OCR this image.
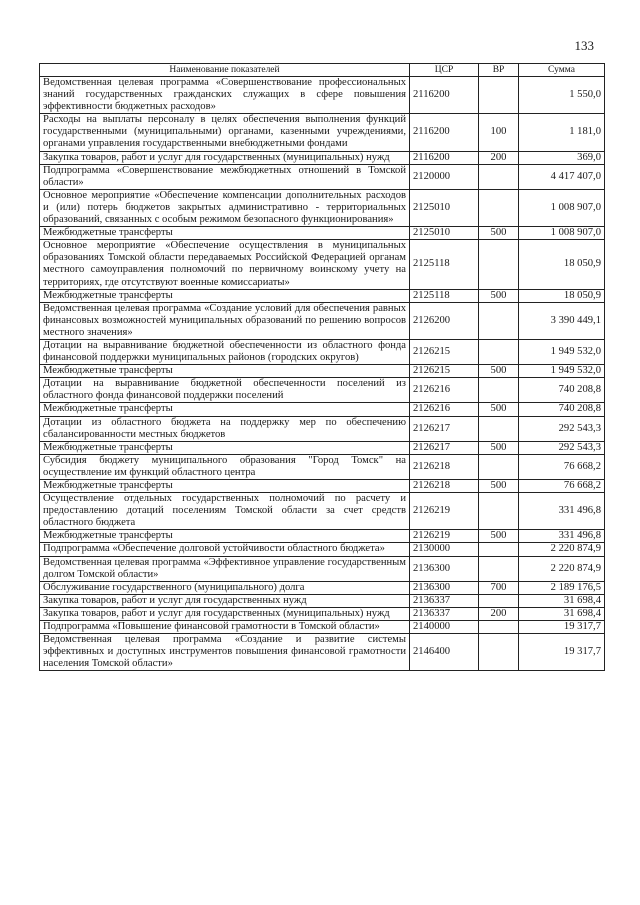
133
Наименование показателей	ЦСР	ВР	Сумма
Ведомственная целевая программа «Совершенствование профессиональных знаний государственных гражданских служащих в сфере повышения эффективности бюджетных расходов»	2116200		1 550,0
Расходы на выплаты персоналу в целях обеспечения выполнения функций государственными (муниципальными) органами, казенными учреждениями, органами управления государственными внебюджетными фондами	2116200	100	1 181,0
Закупка товаров, работ и услуг для государственных (муниципальных) нужд	2116200	200	369,0
Подпрограмма «Совершенствование межбюджетных отношений в Томской области»	2120000		4 417 407,0
Основное мероприятие «Обеспечение компенсации дополнительных расходов и (или) потерь бюджетов закрытых административно - территориальных образований, связанных с особым режимом безопасного функционирования»	2125010		1 008 907,0
Межбюджетные трансферты	2125010	500	1 008 907,0
Основное мероприятие «Обеспечение осуществления в муниципальных образованиях Томской области передаваемых Российской Федерацией органам местного самоуправления полномочий по первичному воинскому учету на территориях, где отсутствуют военные комиссариаты»	2125118		18 050,9
Межбюджетные трансферты	2125118	500	18 050,9
Ведомственная целевая программа «Создание условий для обеспечения равных финансовых возможностей муниципальных образований по решению вопросов местного значения»	2126200		3 390 449,1
Дотации на выравнивание бюджетной обеспеченности из областного фонда финансовой поддержки муниципальных районов (городских округов)	2126215		1 949 532,0
Межбюджетные трансферты	2126215	500	1 949 532,0
Дотации на выравнивание бюджетной обеспеченности поселений из областного фонда финансовой поддержки поселений	2126216		740 208,8
Межбюджетные трансферты	2126216	500	740 208,8
Дотации из областного бюджета на поддержку мер по обеспечению сбалансированности местных бюджетов	2126217		292 543,3
Межбюджетные трансферты	2126217	500	292 543,3
Субсидия бюджету муниципального образования "Город Томск" на осуществление им функций областного центра	2126218		76 668,2
Межбюджетные трансферты	2126218	500	76 668,2
Осуществление отдельных государственных полномочий по расчету и предоставлению дотаций поселениям Томской области за счет средств областного бюджета	2126219		331 496,8
Межбюджетные трансферты	2126219	500	331 496,8
Подпрограмма «Обеспечение долговой устойчивости областного бюджета»	2130000		2 220 874,9
Ведомственная целевая программа «Эффективное управление государственным долгом Томской области»	2136300		2 220 874,9
Обслуживание государственного (муниципального) долга	2136300	700	2 189 176,5
Закупка товаров, работ и услуг для государственных нужд	2136337		31 698,4
Закупка товаров, работ и услуг для государственных (муниципальных) нужд	2136337	200	31 698,4
Подпрограмма «Повышение финансовой грамотности в Томской области»	2140000		19 317,7
Ведомственная целевая программа «Создание и развитие системы эффективных и доступных инструментов повышения финансовой грамотности населения Томской области»	2146400		19 317,7
